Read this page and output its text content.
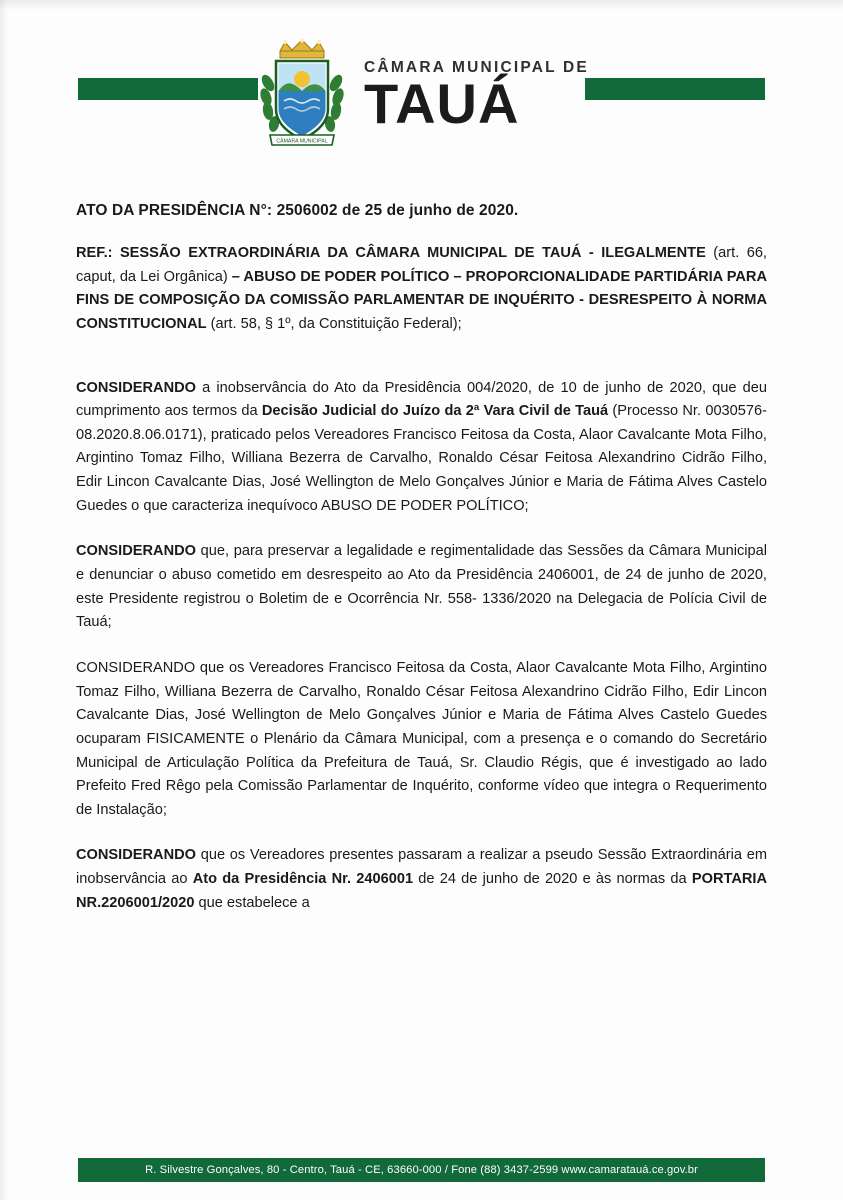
CÂMARA MUNICIPAL
CÂMARA MUNICIPAL DE
TAUÁ
ATO DA PRESIDÊNCIA N°: 2506002 de 25 de junho de 2020.

REF.: SESSÃO EXTRAORDINÁRIA DA CÂMARA MUNICIPAL DE TAUÁ - ILEGALMENTE (art. 66, caput, da Lei Orgânica) – ABUSO DE PODER POLÍTICO – PROPORCIONALIDADE PARTIDÁRIA PARA FINS DE COMPOSIÇÃO DA COMISSÃO PARLAMENTAR DE INQUÉRITO - DESRESPEITO À NORMA CONSTITUCIONAL (art. 58, § 1º, da Constituição Federal);

CONSIDERANDO a inobservância do Ato da Presidência 004/2020, de 10 de junho de 2020, que deu cumprimento aos termos da Decisão Judicial do Juízo da 2ª Vara Civil de Tauá (Processo Nr. 0030576-08.2020.8.06.0171), praticado pelos Vereadores Francisco Feitosa da Costa, Alaor Cavalcante Mota Filho, Argintino Tomaz Filho, Williana Bezerra de Carvalho, Ronaldo César Feitosa Alexandrino Cidrão Filho, Edir Lincon Cavalcante Dias, José Wellington de Melo Gonçalves Júnior e Maria de Fátima Alves Castelo Guedes o que caracteriza inequívoco ABUSO DE PODER POLÍTICO;

CONSIDERANDO que, para preservar a legalidade e regimentalidade das Sessões da Câmara Municipal e denunciar o abuso cometido em desrespeito ao Ato da Presidência 2406001, de 24 de junho de 2020, este Presidente registrou o Boletim de e Ocorrência Nr. 558- 1336/2020 na Delegacia de Polícia Civil de Tauá;

CONSIDERANDO que os Vereadores Francisco Feitosa da Costa, Alaor Cavalcante Mota Filho, Argintino Tomaz Filho, Williana Bezerra de Carvalho, Ronaldo César Feitosa Alexandrino Cidrão Filho, Edir Lincon Cavalcante Dias, José Wellington de Melo Gonçalves Júnior e Maria de Fátima Alves Castelo Guedes ocuparam FISICAMENTE o Plenário da Câmara Municipal, com a presença e o comando do Secretário Municipal de Articulação Política da Prefeitura de Tauá, Sr. Claudio Régis, que é investigado ao lado Prefeito Fred Rêgo pela Comissão Parlamentar de Inquérito, conforme vídeo que integra o Requerimento de Instalação;

CONSIDERANDO que os Vereadores presentes passaram a realizar a pseudo Sessão Extraordinária em inobservância ao Ato da Presidência Nr. 2406001 de 24 de junho de 2020 e às normas da PORTARIA NR.2206001/2020 que estabelece a

R. Silvestre Gonçalves, 80 - Centro, Tauá - CE, 63660-000 / Fone (88) 3437-2599 www.camaratauá.ce.gov.br
